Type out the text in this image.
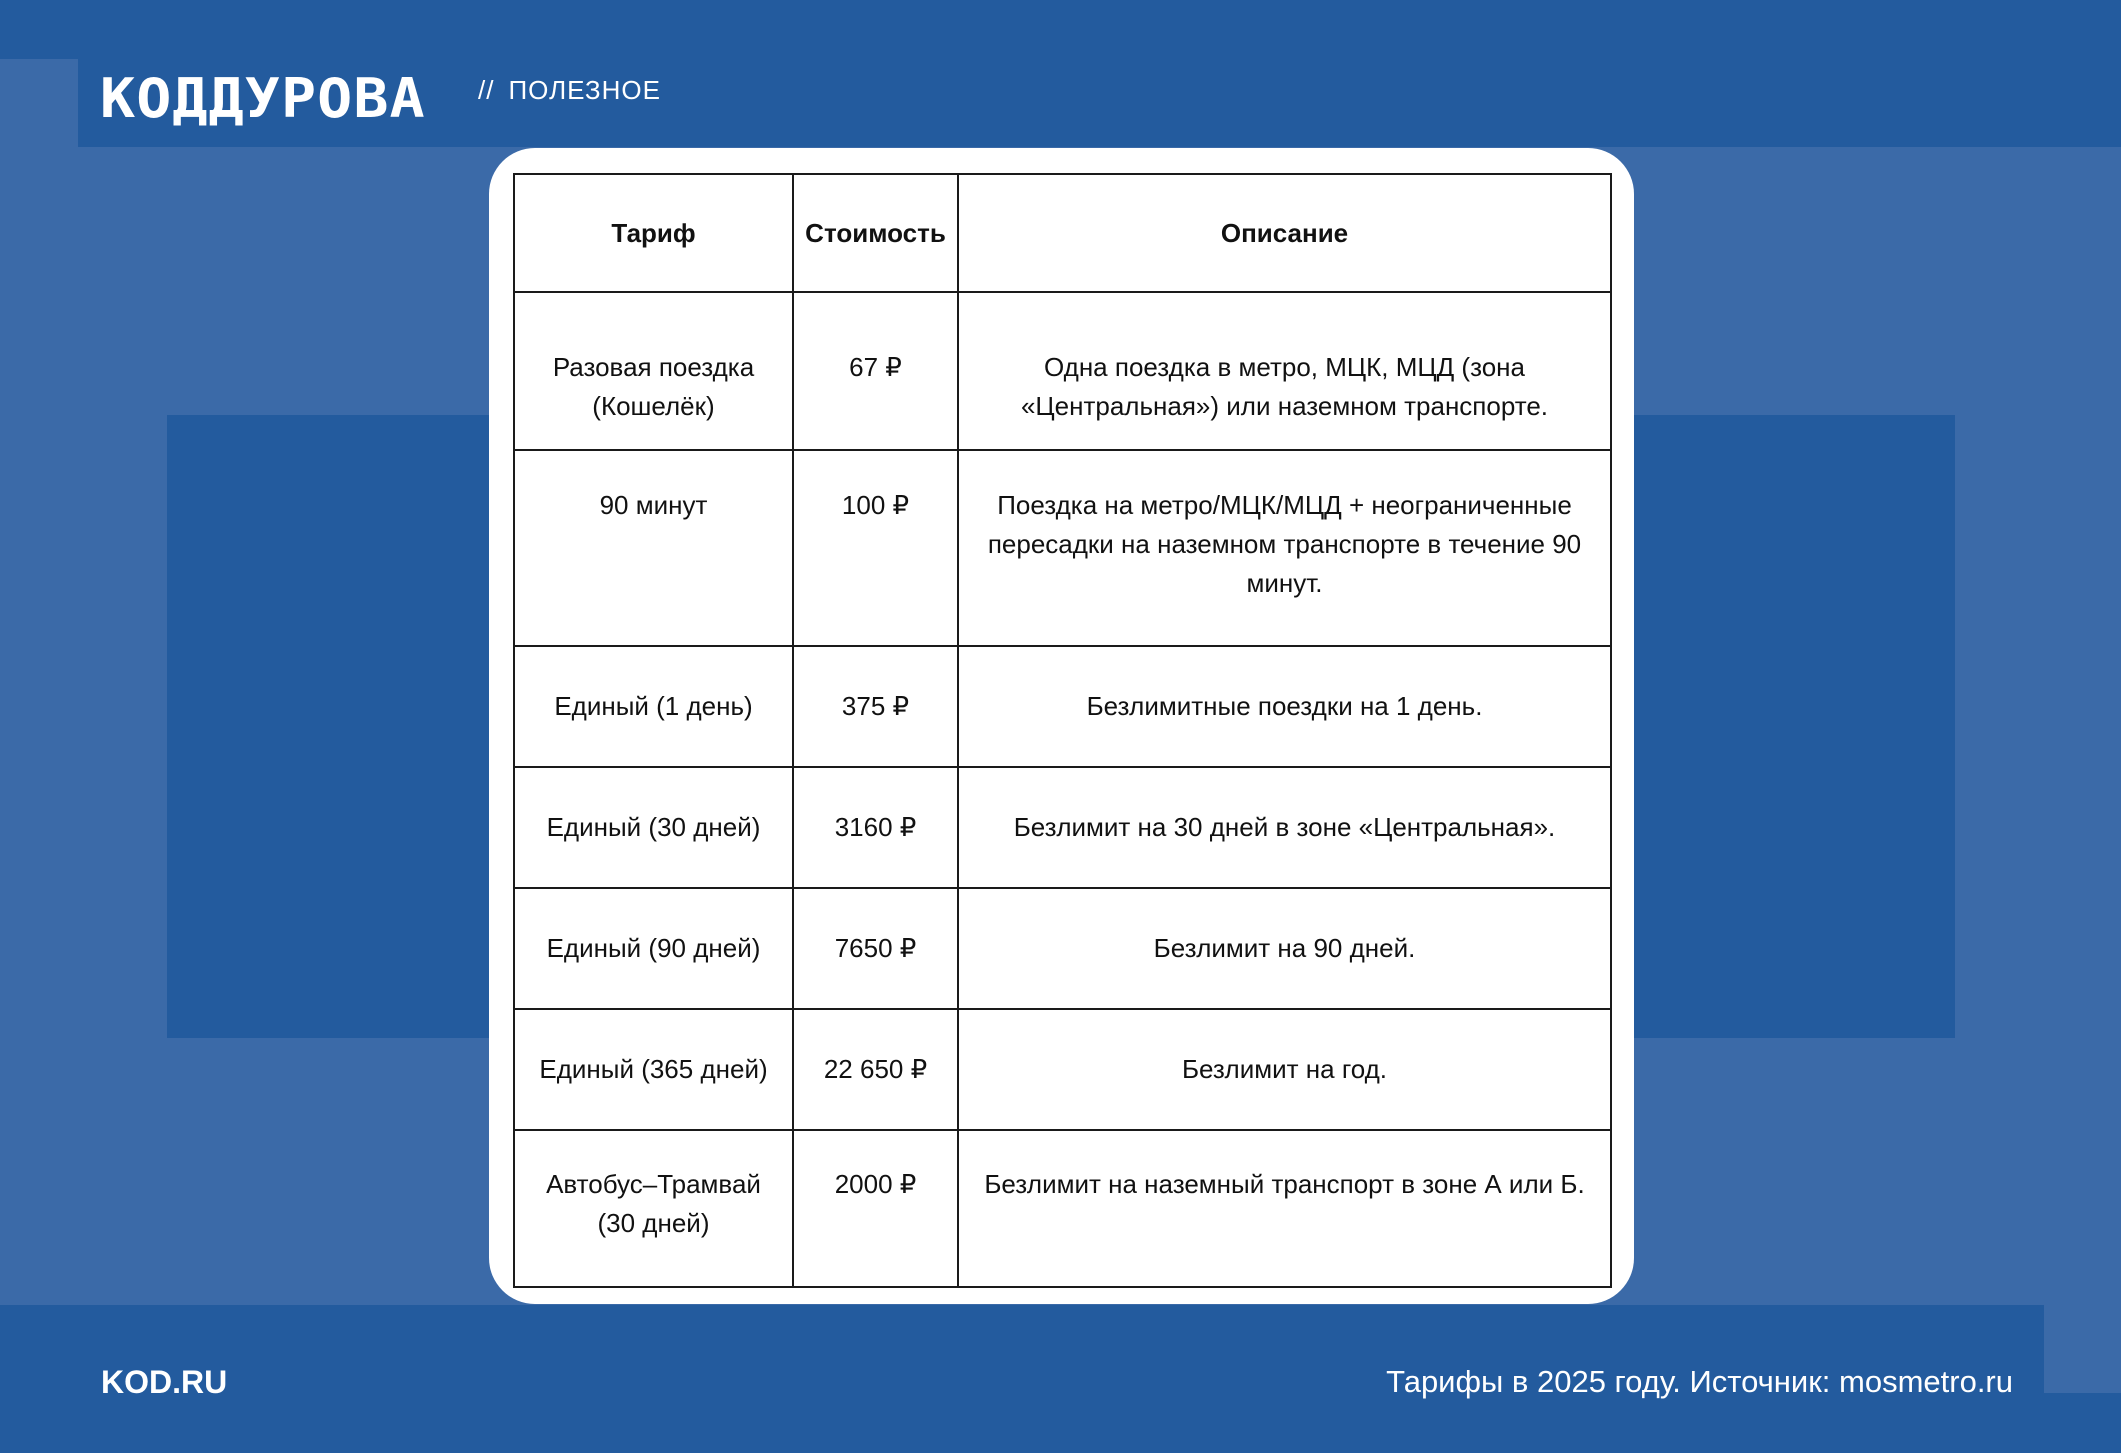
КОДДУРОВА // ПОЛЕЗНОЕ
Тариф	Стоимость	Описание
Разовая поездка (Кошелёк)	67 ₽	Одна поездка в метро, МЦК, МЦД (зона «Центральная») или наземном транспорте.
90 минут	100 ₽	Поездка на метро/МЦК/МЦД + неограниченные пересадки на наземном транспорте в течение 90 минут.
Единый (1 день)	375 ₽	Безлимитные поездки на 1 день.
Единый (30 дней)	3160 ₽	Безлимит на 30 дней в зоне «Центральная».
Единый (90 дней)	7650 ₽	Безлимит на 90 дней.
Единый (365 дней)	22 650 ₽	Безлимит на год.
Автобус–Трамвай (30 дней)	2000 ₽	Безлимит на наземный транспорт в зоне А или Б.
KOD.RU	Тарифы в 2025 году. Источник: mosmetro.ru
